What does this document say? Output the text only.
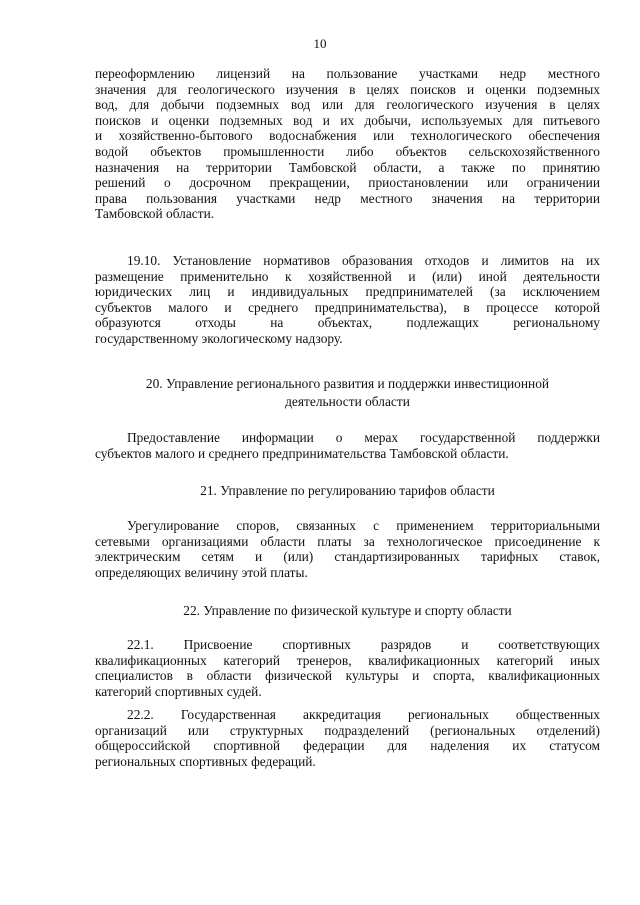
10

переоформлению лицензий на пользование участками недр местного

значения для геологического изучения в целях поисков и оценки подземных

вод, для добычи подземных вод или для геологического изучения в целях

поисков и оценки подземных вод и их добычи, используемых для питьевого

и хозяйственно-бытового водоснабжения или технологического обеспечения

водой объектов промышленности либо объектов сельскохозяйственного

назначения на территории Тамбовской области, а также по принятию

решений о досрочном прекращении, приостановлении или ограничении

права пользования участками недр местного значения на территории

Тамбовской области.

19.10. Установление нормативов образования отходов и лимитов на их

размещение применительно к хозяйственной и (или) иной деятельности

юридических лиц и индивидуальных предпринимателей (за исключением

субъектов малого и среднего предпринимательства), в процессе которой

образуются отходы на объектах, подлежащих региональному

государственному экологическому надзору.

20. Управление регионального развития и поддержки инвестиционной

деятельности области

Предоставление информации о мерах государственной поддержки

субъектов малого и среднего предпринимательства Тамбовской области.

21. Управление по регулированию тарифов области

Урегулирование споров, связанных с применением территориальными

сетевыми организациями области платы за технологическое присоединение к

электрическим сетям и (или) стандартизированных тарифных ставок,

определяющих величину этой платы.

22. Управление по физической культуре и спорту области

22.1. Присвоение спортивных разрядов и соответствующих

квалификационных категорий тренеров, квалификационных категорий иных

специалистов в области физической культуры и спорта, квалификационных

категорий спортивных судей.

22.2. Государственная аккредитация региональных общественных

организаций или структурных подразделений (региональных отделений)

общероссийской спортивной федерации для наделения их статусом

региональных спортивных федераций.
